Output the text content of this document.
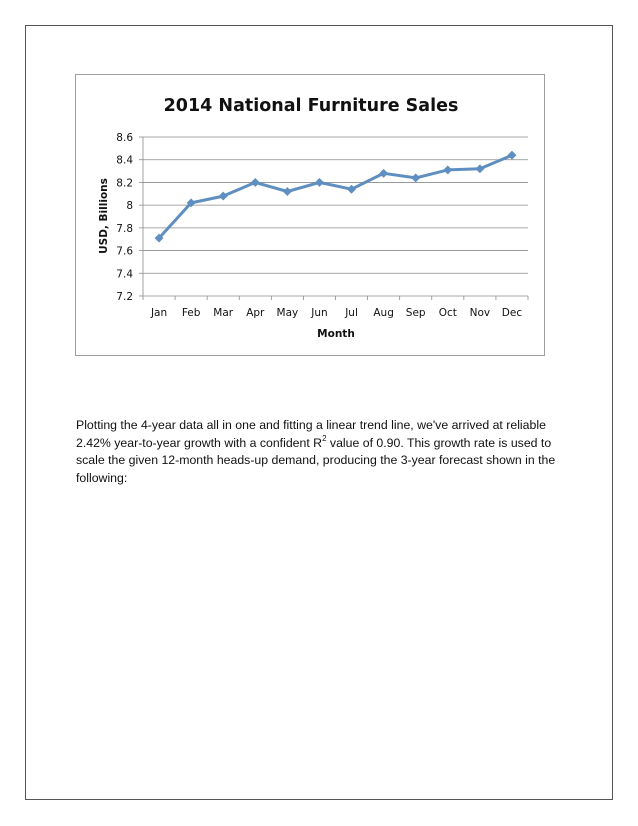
2014 National Furniture Sales
7.2
7.4
7.6
7.8
8
8.2
8.4
8.6
Jan Feb Mar Apr May Jun Jul Aug Sep Oct Nov Dec
Month
USD, Billions

Plotting the 4-year data all in one and fitting a linear trend line, we've arrived at reliable 2.42% year-to-year growth with a confident $R^2$ value of 0.90. This growth rate is used to scale the given 12-month heads-up demand, producing the 3-year forecast shown in the following:
